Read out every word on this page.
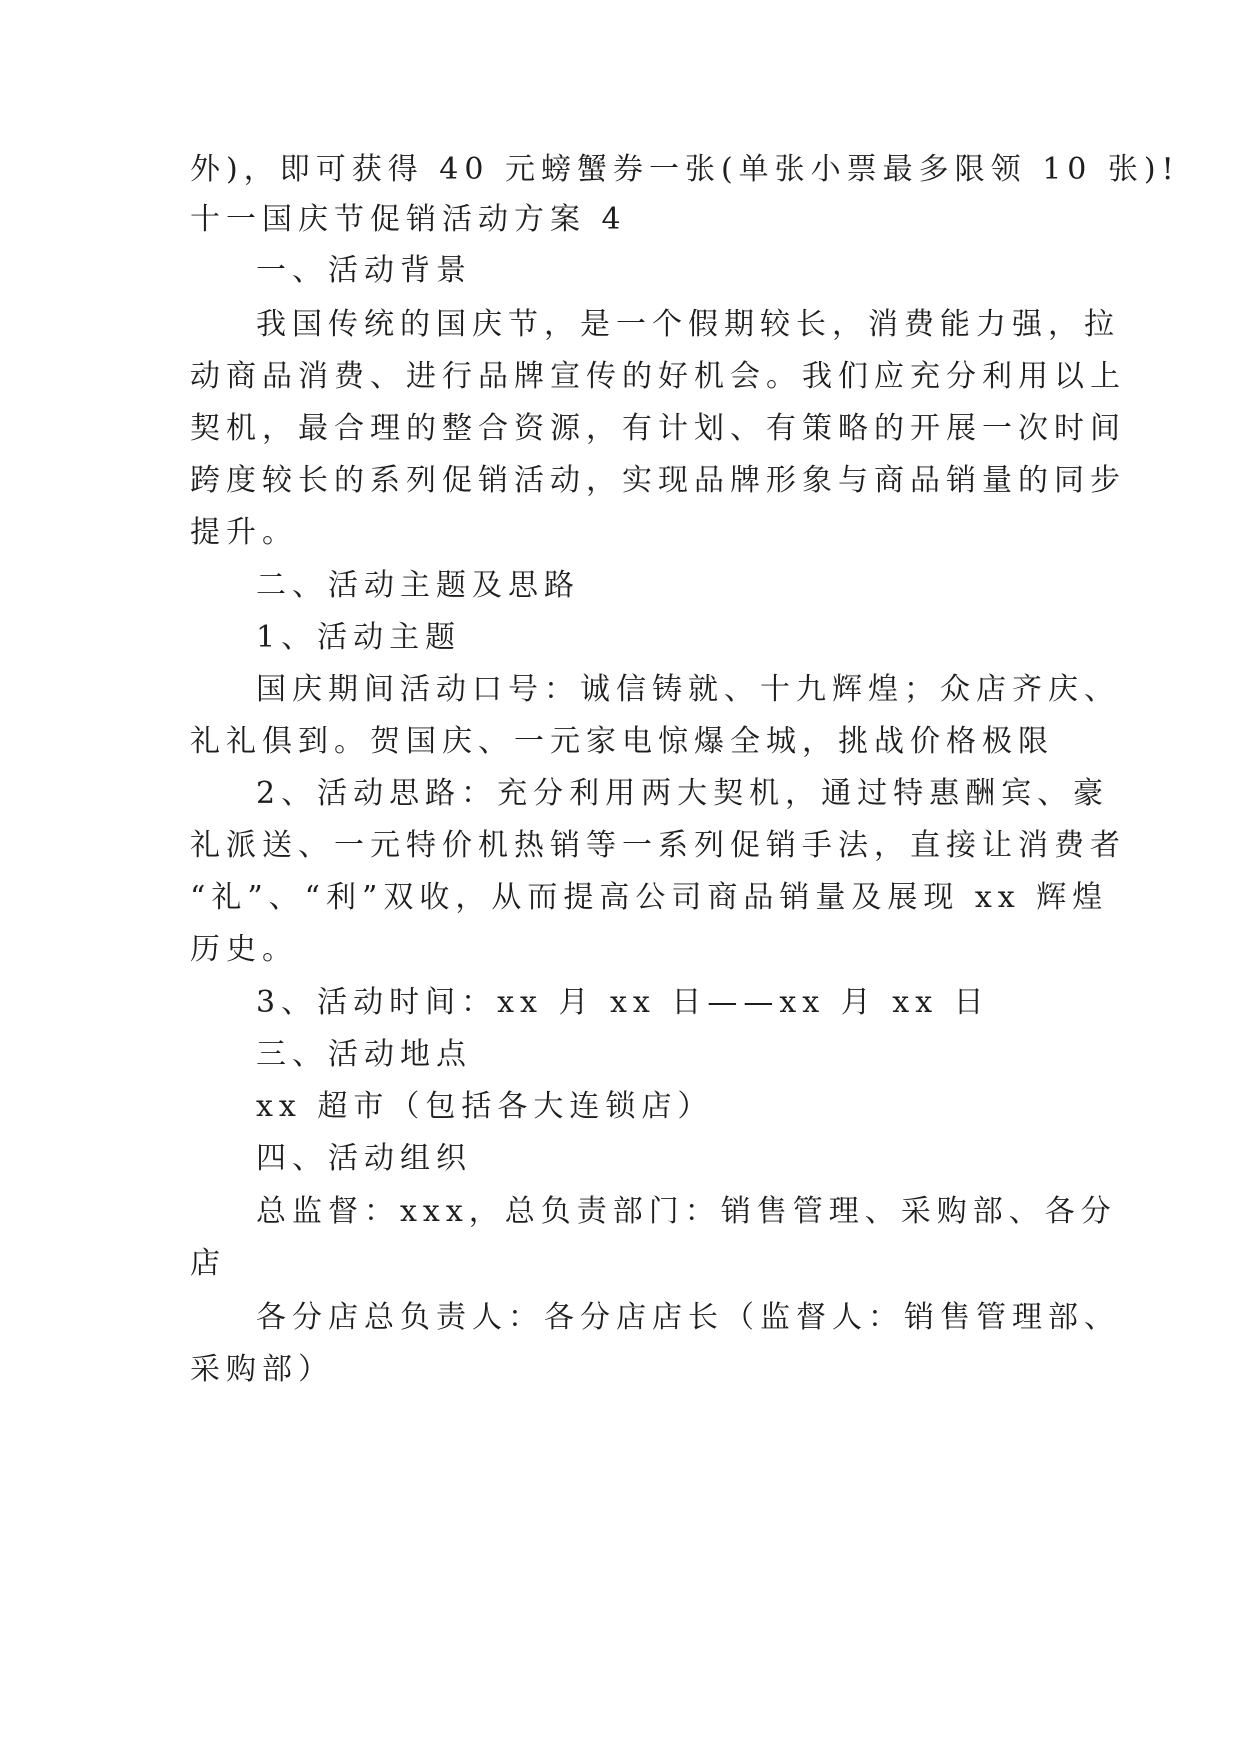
外)，即可获得 40 元螃蟹券一张(单张小票最多限领 10 张)!
十一国庆节促销活动方案 4
一、活动背景
我国传统的国庆节，是一个假期较长，消费能力强，拉
动商品消费、进行品牌宣传的好机会。我们应充分利用以上
契机，最合理的整合资源，有计划、有策略的开展一次时间
跨度较长的系列促销活动，实现品牌形象与商品销量的同步
提升。
二、活动主题及思路
1、活动主题
国庆期间活动口号：诚信铸就、十九辉煌；众店齐庆、
礼礼俱到。贺国庆、一元家电惊爆全城，挑战价格极限
2、活动思路：充分利用两大契机，通过特惠酬宾、豪
礼派送、一元特价机热销等一系列促销手法，直接让消费者
“礼”、“利”双收，从而提高公司商品销量及展现 xx 辉煌
历史。
3、活动时间：xx 月 xx 日——xx 月 xx 日
三、活动地点
xx 超市（包括各大连锁店）
四、活动组织
总监督：xxx，总负责部门：销售管理、采购部、各分
店
各分店总负责人：各分店店长（监督人：销售管理部、
采购部）
